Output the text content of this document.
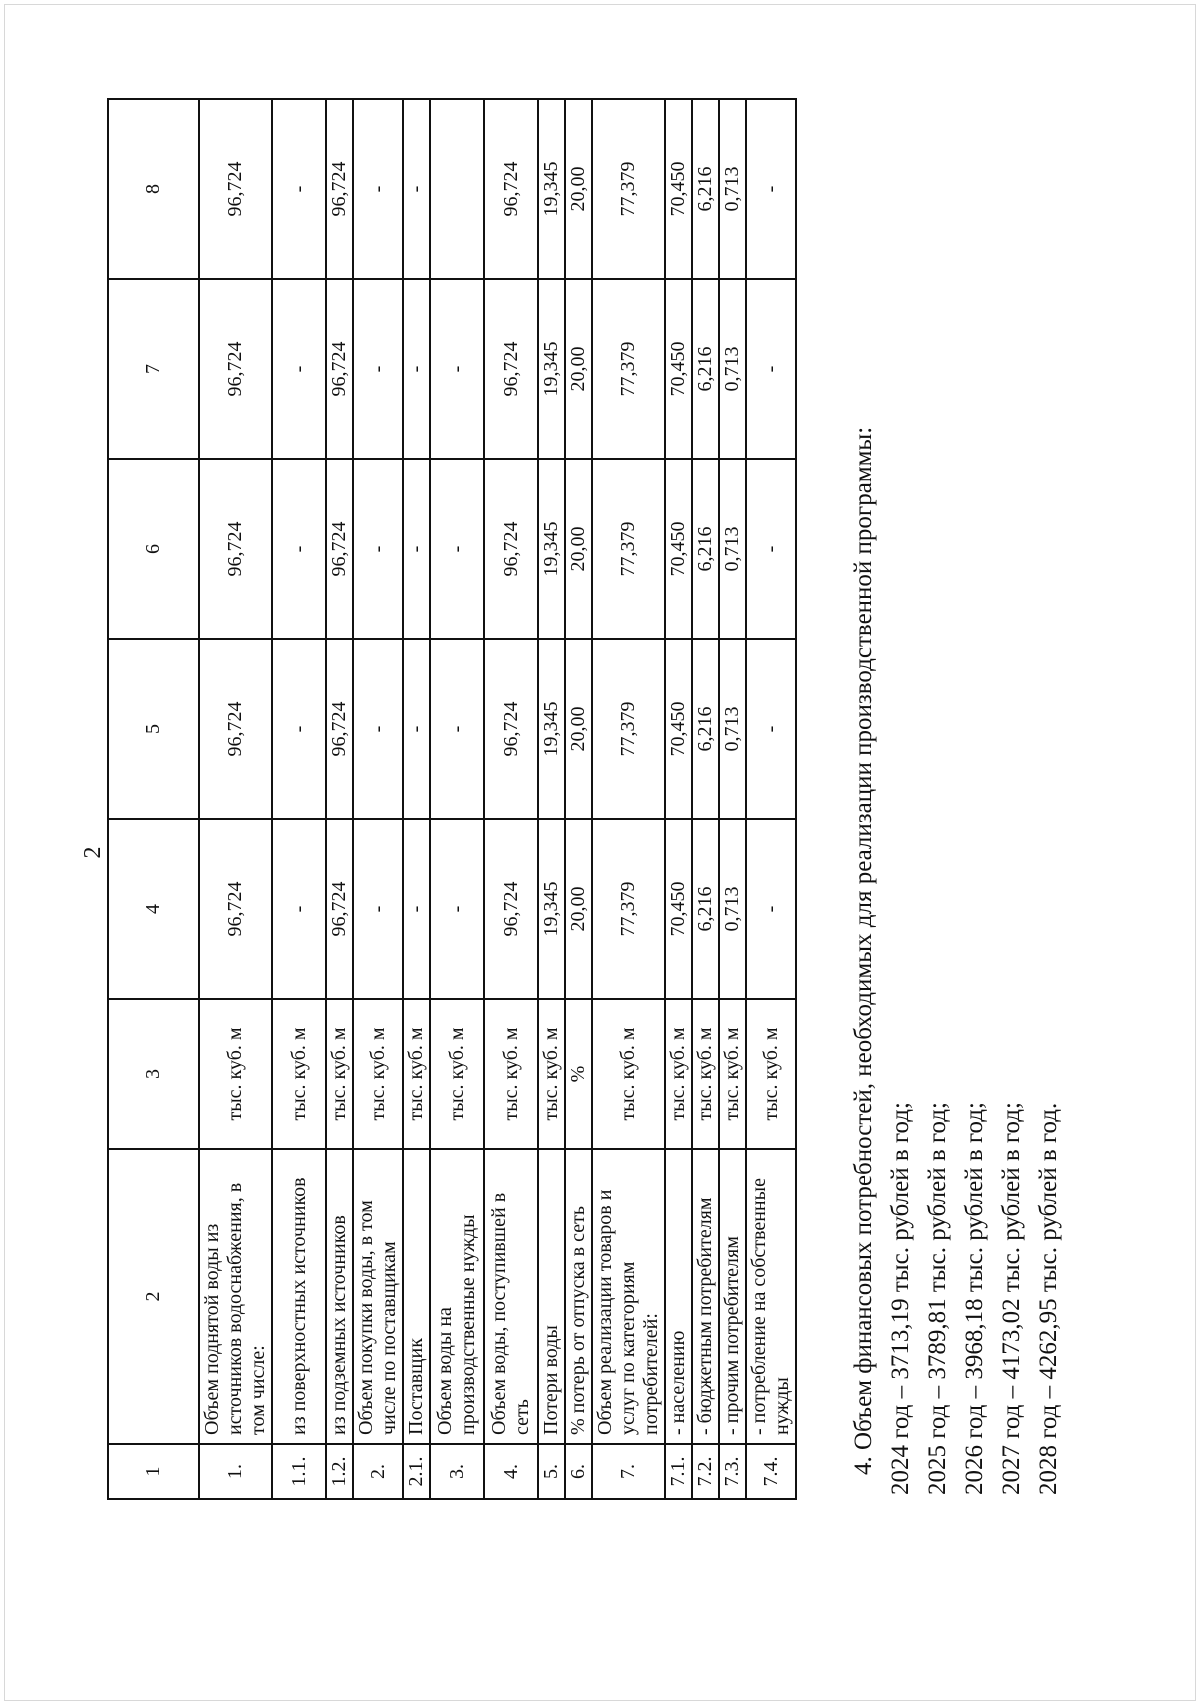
2
1	2	3	4	5	6	7	8
1.	Объем поднятой воды из источников водоснабжения, в том числе:	тыс. куб. м	96,724	96,724	96,724	96,724	96,724
1.1.	из поверхностных источников	тыс. куб. м	-	-	-	-	-
1.2.	из подземных источников	тыс. куб. м	96,724	96,724	96,724	96,724	96,724
2.	Объем покупки воды, в том числе по поставщикам	тыс. куб. м	-	-	-	-	-
2.1.	Поставщик	тыс. куб. м	-	-	-	-	-
3.	Объем воды на производственные нужды	тыс. куб. м	-	-	-	-	
4.	Объем воды, поступившей в сеть	тыс. куб. м	96,724	96,724	96,724	96,724	96,724
5.	Потери воды	тыс. куб. м	19,345	19,345	19,345	19,345	19,345
6.	% потерь от отпуска в сеть	%	20,00	20,00	20,00	20,00	20,00
7.	Объем реализации товаров и услуг по категориям потребителей:	тыс. куб. м	77,379	77,379	77,379	77,379	77,379
7.1.	- населению	тыс. куб. м	70,450	70,450	70,450	70,450	70,450
7.2.	- бюджетным потребителям	тыс. куб. м	6,216	6,216	6,216	6,216	6,216
7.3.	- прочим потребителям	тыс. куб. м	0,713	0,713	0,713	0,713	0,713
7.4.	- потребление на собственные нужды	тыс. куб. м	-	-	-	-	-

4. Объем финансовых потребностей, необходимых для реализации производственной программы: 2024 год – 3713,19 тыс. рублей в год; 2025 год – 3789,81 тыс. рублей в год; 2026 год – 3968,18 тыс. рублей в год; 2027 год – 4173,02 тыс. рублей в год; 2028 год – 4262,95 тыс. рублей в год.
